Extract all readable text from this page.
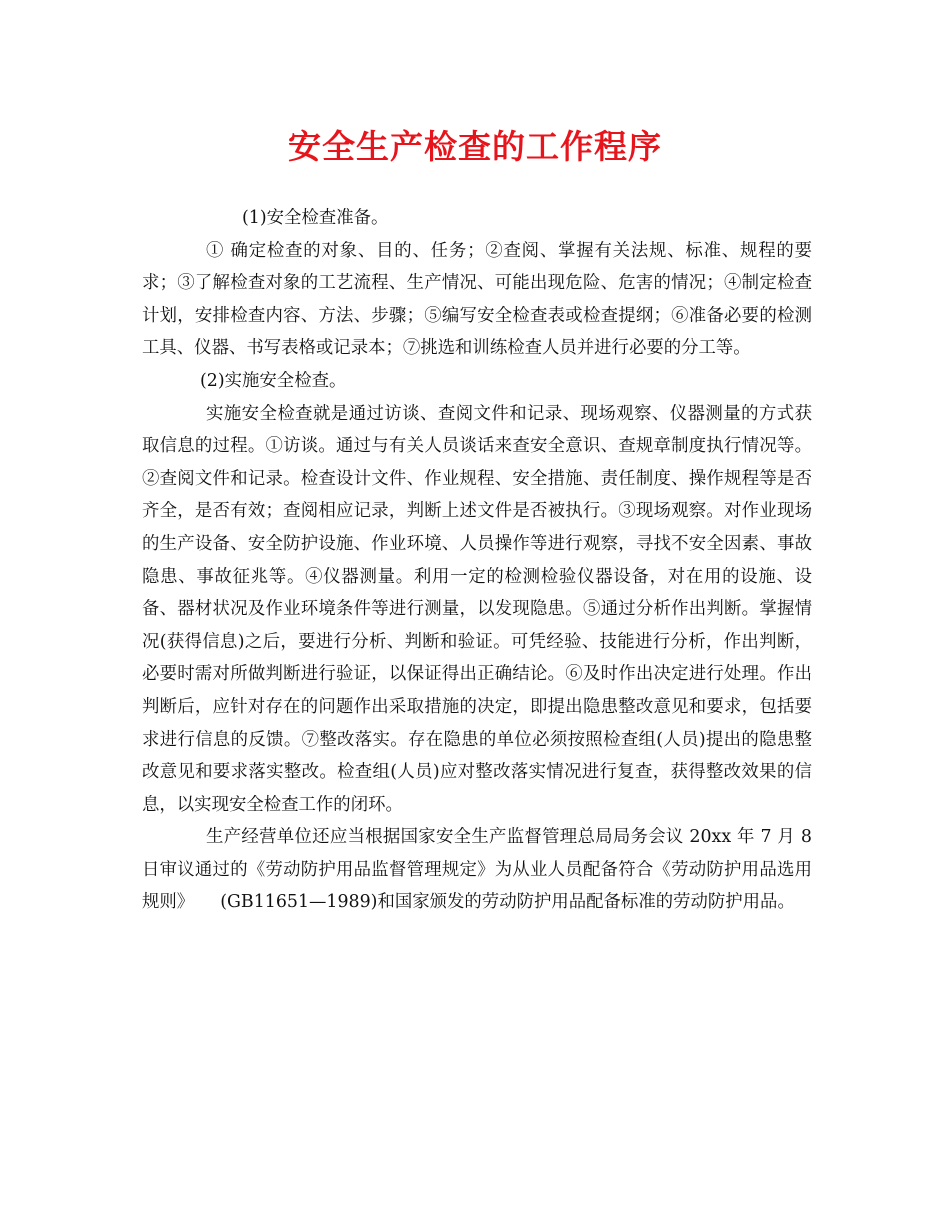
安全生产检查的工作程序

(1)安全检查准备。

① 确定检查的对象、目的、任务；②查阅、掌握有关法规、标准、规程的要求；③了解检查对象的工艺流程、生产情况、可能出现危险、危害的情况；④制定检查计划，安排检查内容、方法、步骤；⑤编写安全检查表或检查提纲；⑥准备必要的检测工具、仪器、书写表格或记录本；⑦挑选和训练检查人员并进行必要的分工等。

(2)实施安全检查。

实施安全检查就是通过访谈、查阅文件和记录、现场观察、仪器测量的方式获取信息的过程。①访谈。通过与有关人员谈话来查安全意识、查规章制度执行情况等。②查阅文件和记录。检查设计文件、作业规程、安全措施、责任制度、操作规程等是否齐全，是否有效；查阅相应记录，判断上述文件是否被执行。③现场观察。对作业现场的生产设备、安全防护设施、作业环境、人员操作等进行观察，寻找不安全因素、事故隐患、事故征兆等。④仪器测量。利用一定的检测检验仪器设备，对在用的设施、设备、器材状况及作业环境条件等进行测量，以发现隐患。⑤通过分析作出判断。掌握情况(获得信息)之后，要进行分析、判断和验证。可凭经验、技能进行分析，作出判断，必要时需对所做判断进行验证，以保证得出正确结论。⑥及时作出决定进行处理。作出判断后，应针对存在的问题作出采取措施的决定，即提出隐患整改意见和要求，包括要求进行信息的反馈。⑦整改落实。存在隐患的单位必须按照检查组(人员)提出的隐患整改意见和要求落实整改。检查组(人员)应对整改落实情况进行复查，获得整改效果的信息，以实现安全检查工作的闭环。

生产经营单位还应当根据国家安全生产监督管理总局局务会议 20xx 年 7 月 8 日审议通过的《劳动防护用品监督管理规定》为从业人员配备符合《劳动防护用品选用规则》　　(GB11651—1989)和国家颁发的劳动防护用品配备标准的劳动防护用品。
